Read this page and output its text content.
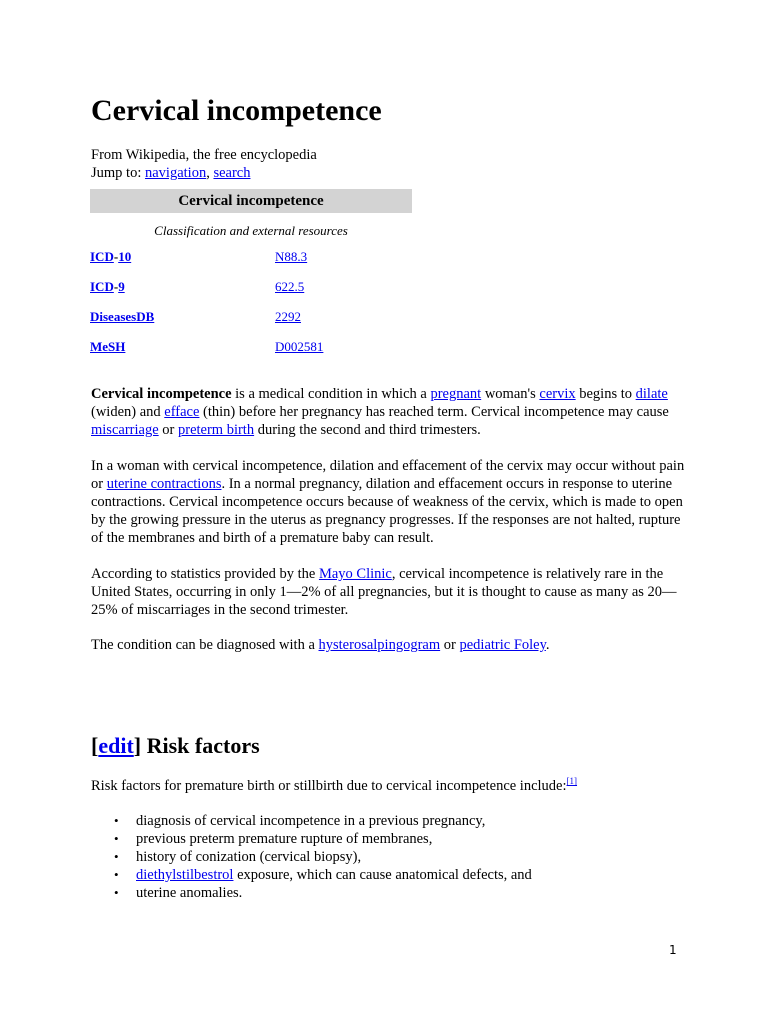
Cervical incompetence
From Wikipedia, the free encyclopedia
Jump to: navigation, search
Cervical incompetence
Classification and external resources
ICD-10	N88.3
ICD-9	622.5
DiseasesDB	2292
MeSH	D002581

Cervical incompetence is a medical condition in which a pregnant woman's cervix begins to dilate (widen) and efface (thin) before her pregnancy has reached term. Cervical incompetence may cause miscarriage or preterm birth during the second and third trimesters.

In a woman with cervical incompetence, dilation and effacement of the cervix may occur without pain or uterine contractions. In a normal pregnancy, dilation and effacement occurs in response to uterine contractions. Cervical incompetence occurs because of weakness of the cervix, which is made to open by the growing pressure in the uterus as pregnancy progresses. If the responses are not halted, rupture of the membranes and birth of a premature baby can result.

According to statistics provided by the Mayo Clinic, cervical incompetence is relatively rare in the United States, occurring in only 1—2% of all pregnancies, but it is thought to cause as many as 20—25% of miscarriages in the second trimester.

The condition can be diagnosed with a hysterosalpingogram or pediatric Foley.

[edit] Risk factors

Risk factors for premature birth or stillbirth due to cervical incompetence include:[1]

• diagnosis of cervical incompetence in a previous pregnancy,
• previous preterm premature rupture of membranes,
• history of conization (cervical biopsy),
• diethylstilbestrol exposure, which can cause anatomical defects, and
• uterine anomalies.
1
